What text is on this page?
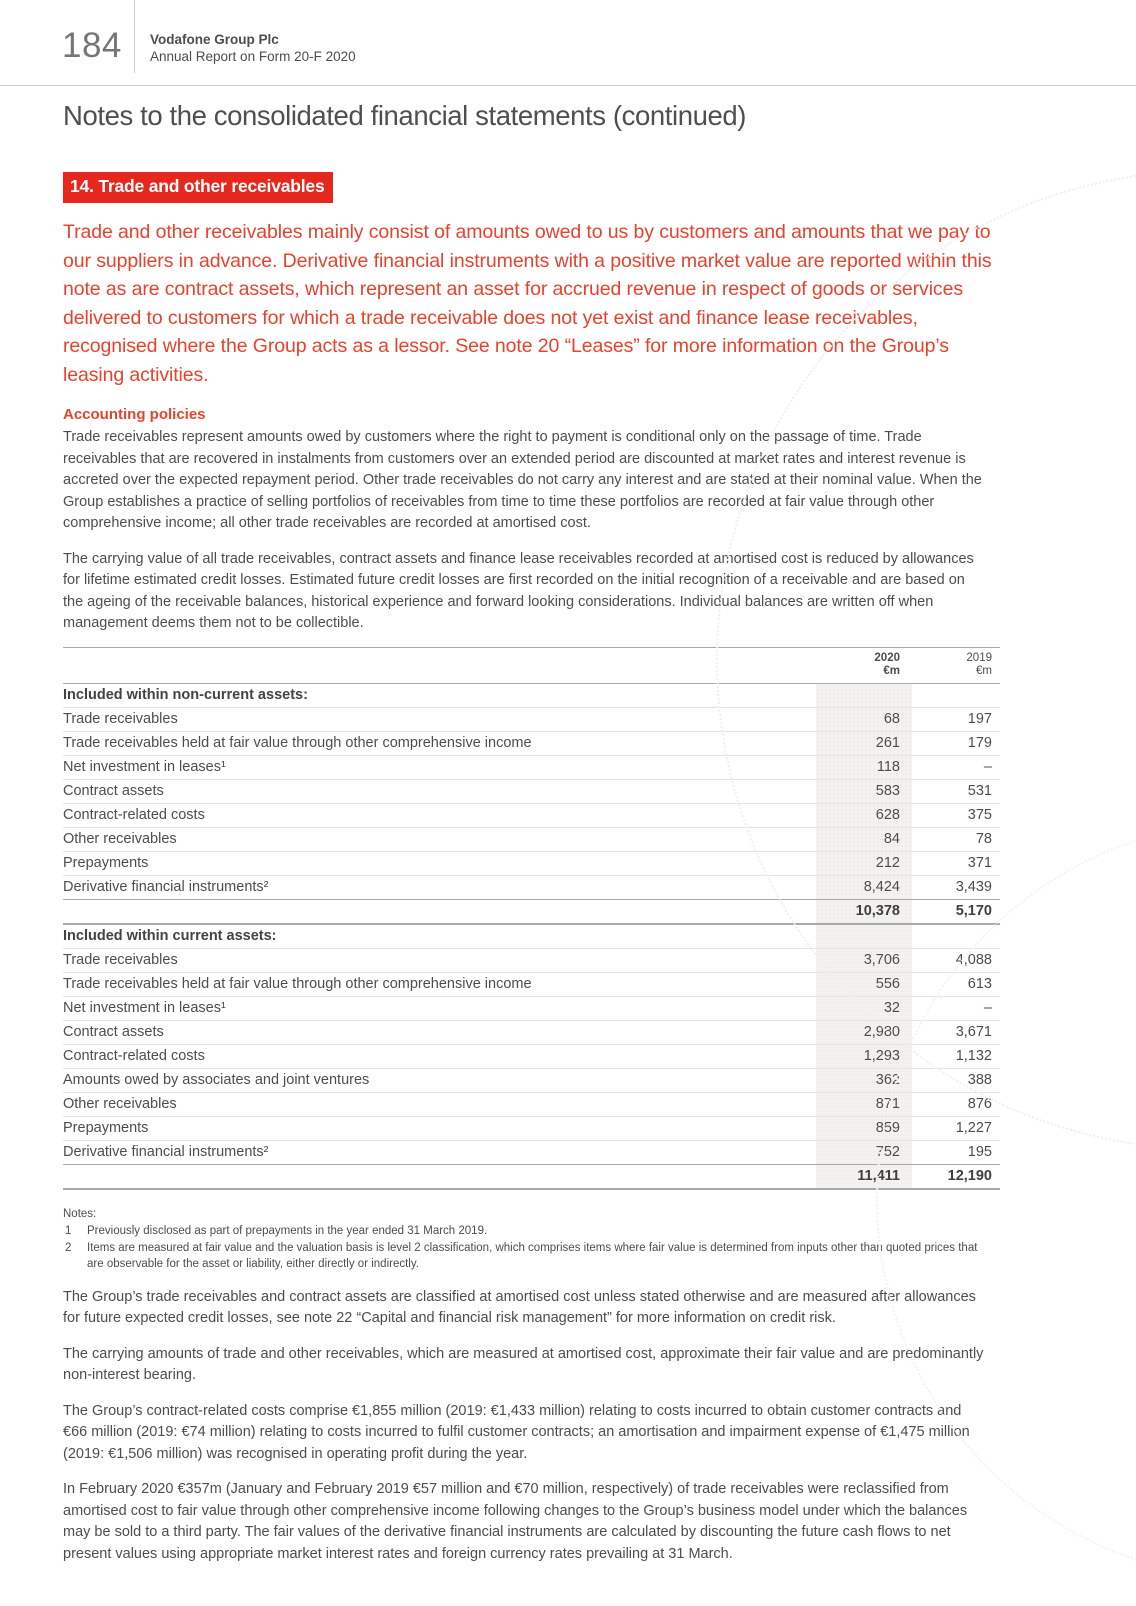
184 Vodafone Group Plc
Annual Report on Form 20-F 2020
Notes to the consolidated financial statements (continued)
14. Trade and other receivables
Trade and other receivables mainly consist of amounts owed to us by customers and amounts that we pay to our suppliers in advance. Derivative financial instruments with a positive market value are reported within this note as are contract assets, which represent an asset for accrued revenue in respect of goods or services delivered to customers for which a trade receivable does not yet exist and finance lease receivables, recognised where the Group acts as a lessor. See note 20 “Leases” for more information on the Group’s leasing activities.
Accounting policies

Trade receivables represent amounts owed by customers where the right to payment is conditional only on the passage of time. Trade receivables that are recovered in instalments from customers over an extended period are discounted at market rates and interest revenue is accreted over the expected repayment period. Other trade receivables do not carry any interest and are stated at their nominal value. When the Group establishes a practice of selling portfolios of receivables from time to time these portfolios are recorded at fair value through other comprehensive income; all other trade receivables are recorded at amortised cost.

The carrying value of all trade receivables, contract assets and finance lease receivables recorded at amortised cost is reduced by allowances for lifetime estimated credit losses. Estimated future credit losses are first recorded on the initial recognition of a receivable and are based on the ageing of the receivable balances, historical experience and forward looking considerations. Individual balances are written off when management deems them not to be collectible.

2020
€m
2019
€m
Included within non-current assets:
Trade receivables	68	197
Trade receivables held at fair value through other comprehensive income	261	179
Net investment in leases¹	118	–
Contract assets	583	531
Contract-related costs	628	375
Other receivables	84	78
Prepayments	212	371
Derivative financial instruments²	8,424	3,439
10,378	5,170
Included within current assets:
Trade receivables	3,706	4,088
Trade receivables held at fair value through other comprehensive income	556	613
Net investment in leases¹	32	–
Contract assets	2,980	3,671
Contract-related costs	1,293	1,132
Amounts owed by associates and joint ventures	362	388
Other receivables	871	876
Prepayments	859	1,227
Derivative financial instruments²	752	195
11,411	12,190
Notes:
1	Previously disclosed as part of prepayments in the year ended 31 March 2019.
2	Items are measured at fair value and the valuation basis is level 2 classification, which comprises items where fair value is determined from inputs other than quoted prices that are observable for the asset or liability, either directly or indirectly.

The Group’s trade receivables and contract assets are classified at amortised cost unless stated otherwise and are measured after allowances for future expected credit losses, see note 22 “Capital and financial risk management” for more information on credit risk.

The carrying amounts of trade and other receivables, which are measured at amortised cost, approximate their fair value and are predominantly non-interest bearing.

The Group’s contract-related costs comprise €1,855 million (2019: €1,433 million) relating to costs incurred to obtain customer contracts and €66 million (2019: €74 million) relating to costs incurred to fulfil customer contracts; an amortisation and impairment expense of €1,475 million (2019: €1,506 million) was recognised in operating profit during the year.

In February 2020 €357m (January and February 2019 €57 million and €70 million, respectively) of trade receivables were reclassified from amortised cost to fair value through other comprehensive income following changes to the Group’s business model under which the balances may be sold to a third party. The fair values of the derivative financial instruments are calculated by discounting the future cash flows to net present values using appropriate market interest rates and foreign currency rates prevailing at 31 March.
